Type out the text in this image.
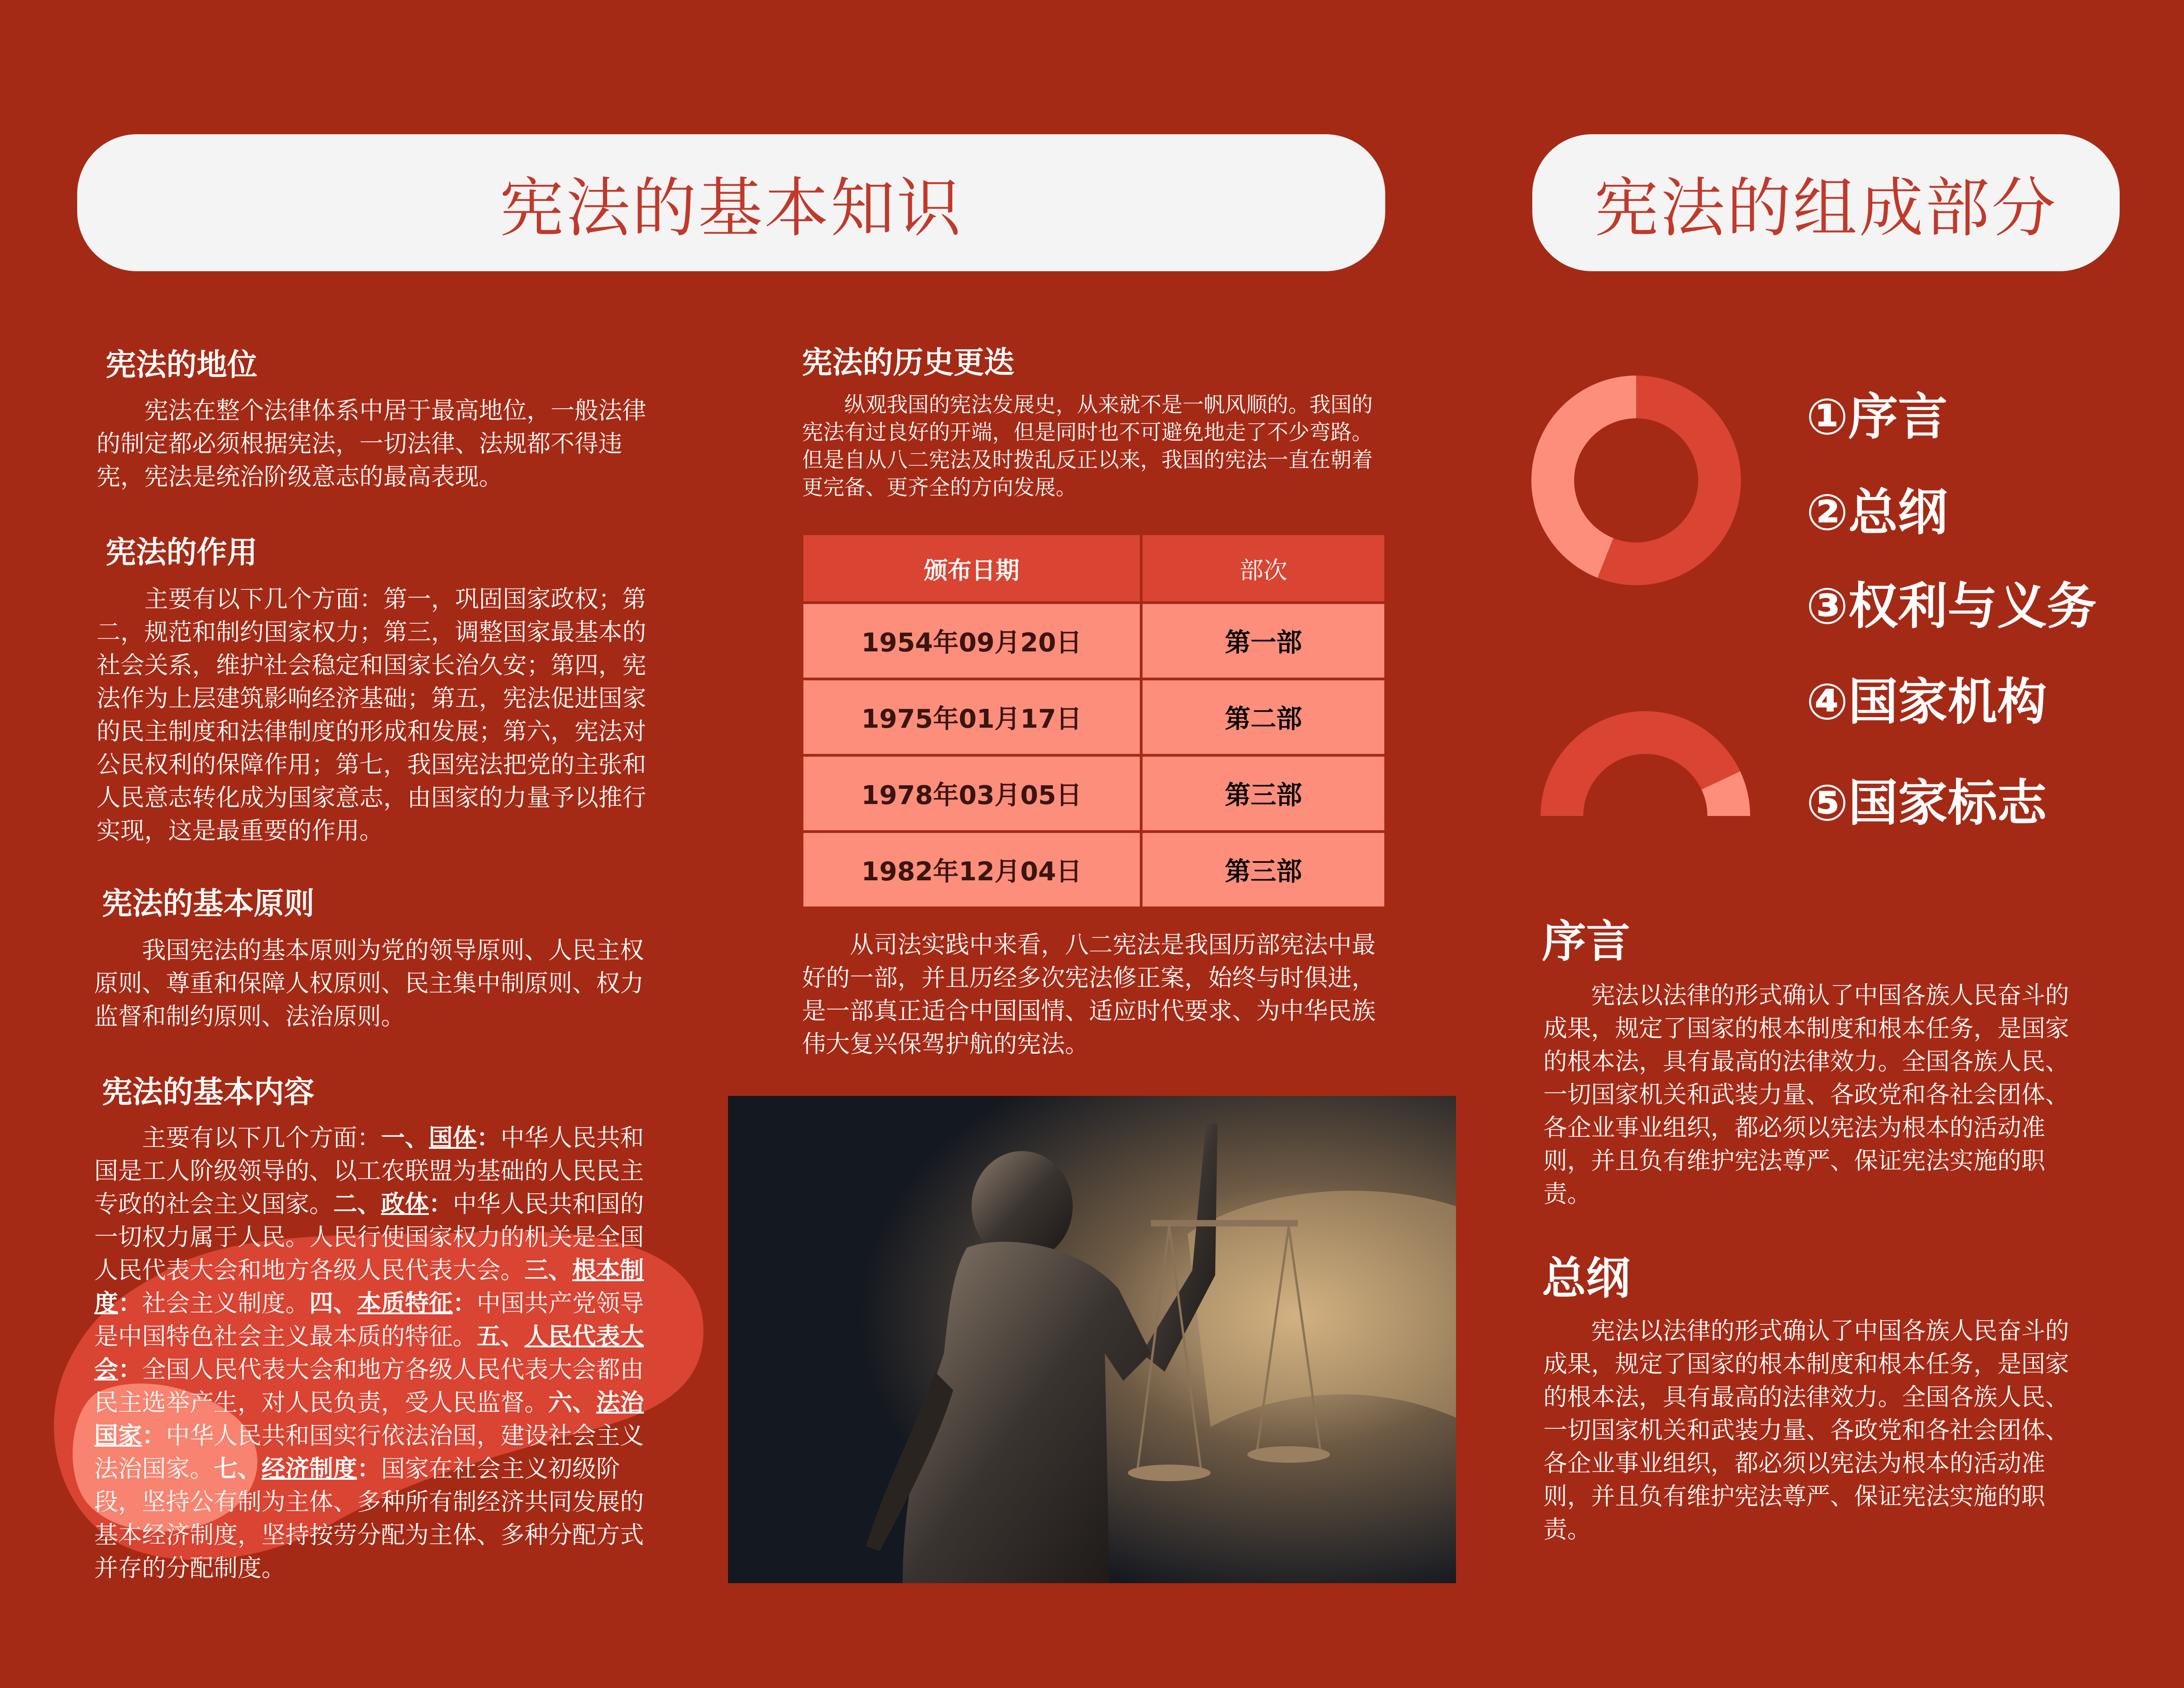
宪法的基本知识
宪法的地位

宪法在整个法律体系中居于最高地位，一般法律的制定都必须根据宪法，一切法律、法规都不得违宪，宪法是统治阶级意志的最高表现。

宪法的作用

主要有以下几个方面：第一，巩固国家政权；第二，规范和制约国家权力；第三，调整国家最基本的社会关系，维护社会稳定和国家长治久安；第四，宪法作为上层建筑影响经济基础；第五，宪法促进国家的民主制度和法律制度的形成和发展；第六，宪法对公民权利的保障作用；第七，我国宪法把党的主张和人民意志转化成为国家意志，由国家的力量予以推行实现，这是最重要的作用。

宪法的基本原则

我国宪法的基本原则为党的领导原则、人民主权原则、尊重和保障人权原则、民主集中制原则、权力监督和制约原则、法治原则。

宪法的基本内容

主要有以下几个方面：一、国体：中华人民共和国是工人阶级领导的、以工农联盟为基础的人民民主专政的社会主义国家。二、政体：中华人民共和国的一切权力属于人民。人民行使国家权力的机关是全国人民代表大会和地方各级人民代表大会。三、根本制度：社会主义制度。四、本质特征：中国共产党领导是中国特色社会主义最本质的特征。五、人民代表大会：全国人民代表大会和地方各级人民代表大会都由民主选举产生，对人民负责，受人民监督。六、法治国家：中华人民共和国实行依法治国，建设社会主义法治国家。七、经济制度：国家在社会主义初级阶段，坚持公有制为主体、多种所有制经济共同发展的基本经济制度，坚持按劳分配为主体、多种分配方式并存的分配制度。

宪法的历史更迭

纵观我国的宪法发展史，从来就不是一帆风顺的。我国的宪法有过良好的开端，但是同时也不可避免地走了不少弯路。但是自从八二宪法及时拨乱反正以来，我国的宪法一直在朝着更完备、更齐全的方向发展。

颁布日期	部次
1954年09月20日	第一部
1975年01月17日	第二部
1978年03月05日	第三部
1982年12月04日	第三部

从司法实践中来看，八二宪法是我国历部宪法中最好的一部，并且历经多次宪法修正案，始终与时俱进，是一部真正适合中国国情、适应时代要求、为中华民族伟大复兴保驾护航的宪法。

宪法的组成部分
①序言
②总纲
③权利与义务
④国家机构
⑤国家标志
序言

宪法以法律的形式确认了中国各族人民奋斗的成果，规定了国家的根本制度和根本任务，是国家的根本法，具有最高的法律效力。全国各族人民、一切国家机关和武装力量、各政党和各社会团体、各企业事业组织，都必须以宪法为根本的活动准则，并且负有维护宪法尊严、保证宪法实施的职责。

总纲

宪法以法律的形式确认了中国各族人民奋斗的成果，规定了国家的根本制度和根本任务，是国家的根本法，具有最高的法律效力。全国各族人民、一切国家机关和武装力量、各政党和各社会团体、各企业事业组织，都必须以宪法为根本的活动准则，并且负有维护宪法尊严、保证宪法实施的职责。
